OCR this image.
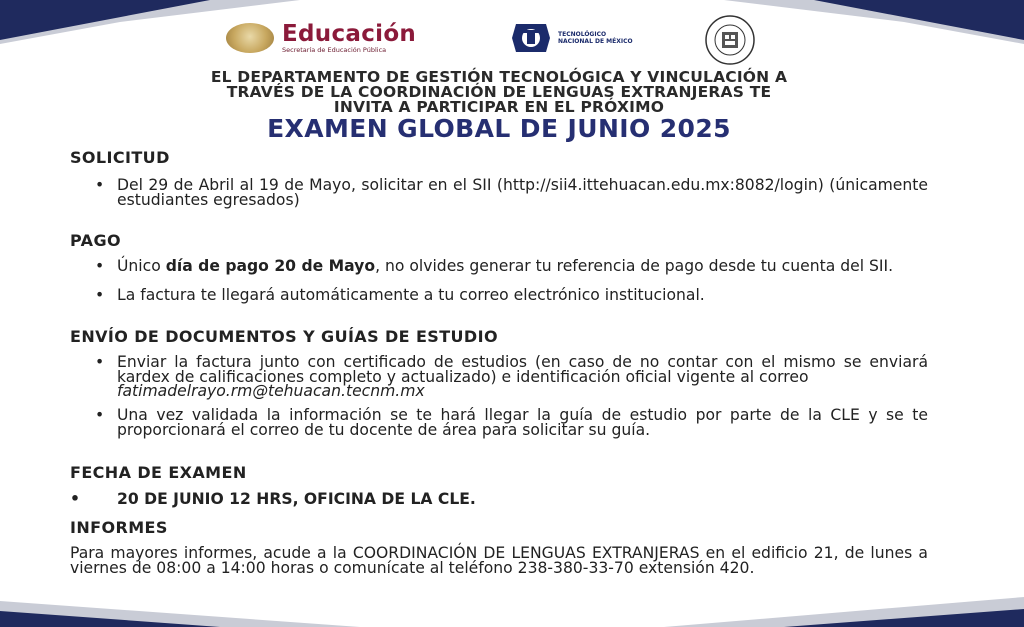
Educación
Secretaría de Educación Pública
TECNOLÓGICO
NACIONAL DE MÉXICO
EL DEPARTAMENTO DE GESTIÓN TECNOLÓGICA Y VINCULACIÓN A
TRAVÉS DE LA COORDINACIÓN DE LENGUAS EXTRANJERAS TE
INVITA A PARTICIPAR EN EL PRÓXIMO
EXAMEN GLOBAL DE JUNIO 2025
SOLICITUD
• Del 29 de Abril al 19 de Mayo, solicitar en el SII (http://sii4.ittehuacan.edu.mx:8082/login) (únicamente estudiantes egresados)
PAGO
• Único día de pago 20 de Mayo, no olvides generar tu referencia de pago desde tu cuenta del SII.
• La factura te llegará automáticamente a tu correo electrónico institucional.
ENVÍO DE DOCUMENTOS Y GUÍAS DE ESTUDIO
• Enviar la factura junto con certificado de estudios (en caso de no contar con el mismo se enviará kardex de calificaciones completo y actualizado) e identificación oficial vigente al correo
fatimadelrayo.rm@tehuacan.tecnm.mx
• Una vez validada la información se te hará llegar la guía de estudio por parte de la CLE y se te proporcionará el correo de tu docente de área para solicitar su guía.
FECHA DE EXAMEN
• 20 DE JUNIO 12 HRS, OFICINA DE LA CLE.
INFORMES
Para mayores informes, acude a la COORDINACIÓN DE LENGUAS EXTRANJERAS en el edificio 21, de lunes a viernes de 08:00 a 14:00 horas o comunícate al teléfono 238-380-33-70 extensión 420.
